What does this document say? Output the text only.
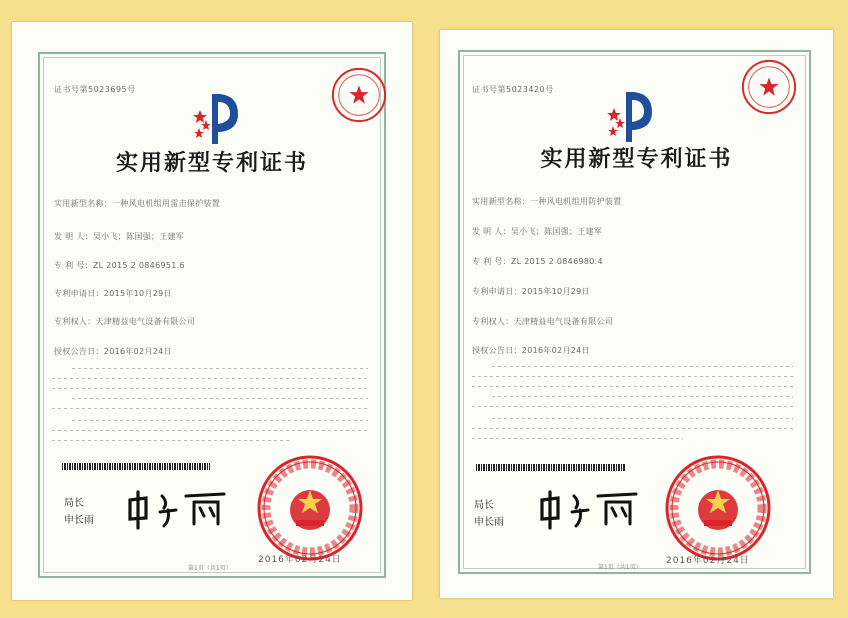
证书号第5023695号
实用新型专利证书
实用新型名称：一种风电机组用雷击保护装置
发 明 人：吴小飞；陈国强；王建军
专 利 号：ZL 2015 2 0846951.6
专利申请日：2015年10月29日
专利权人：天津精益电气设备有限公司
授权公告日：2016年02月24日
局长
申长雨
2016年02月24日
第1页（共1页）
证书号第5023420号
实用新型专利证书
实用新型名称：一种风电机组用防护装置
发 明 人：吴小飞；陈国强；王建军
专 利 号：ZL 2015 2 0846980.4
专利申请日：2015年10月29日
专利权人：天津精益电气设备有限公司
授权公告日：2016年02月24日
局长
申长雨
2016年02月24日
第1页（共1页）
